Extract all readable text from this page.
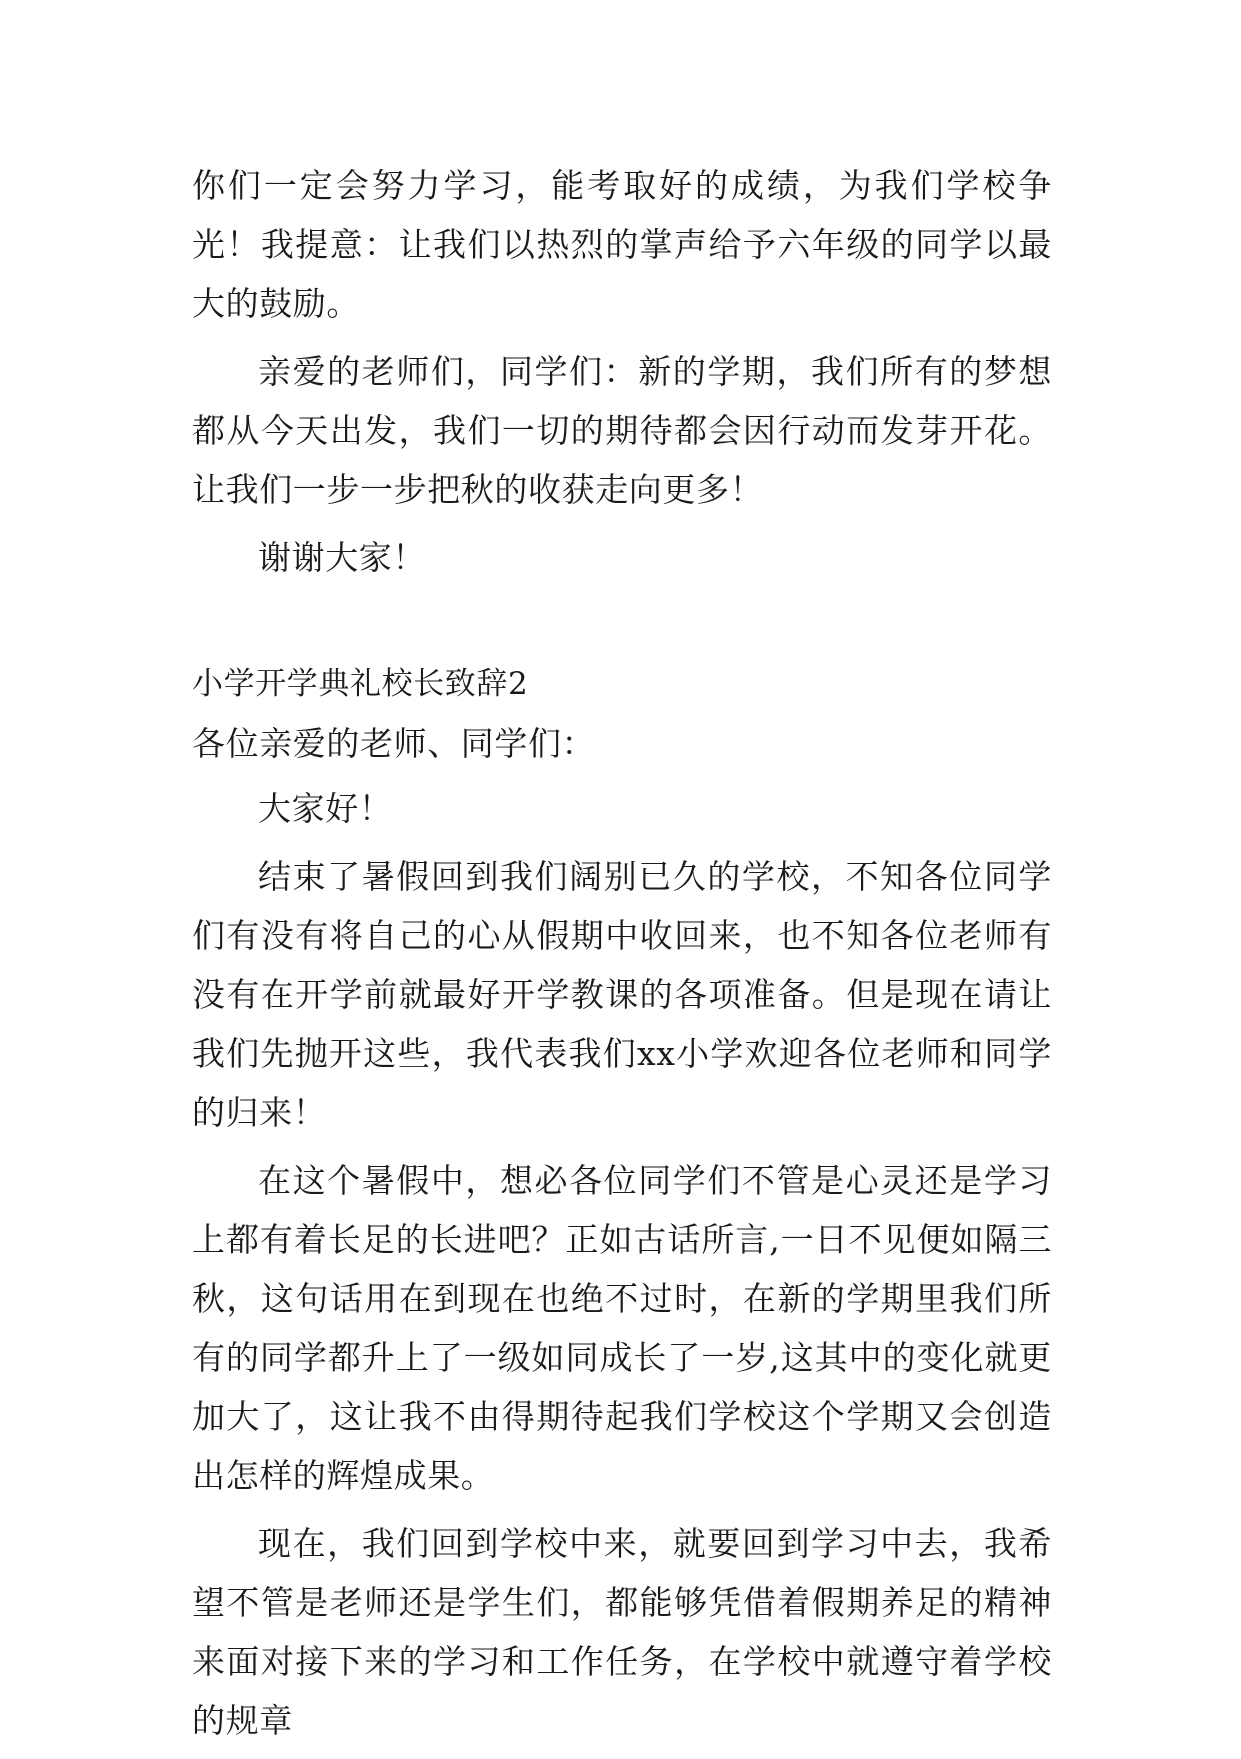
你们一定会努力学习，能考取好的成绩，为我们学校争光！我提意：让我们以热烈的掌声给予六年级的同学以最大的鼓励。

亲爱的老师们，同学们：新的学期，我们所有的梦想都从今天出发，我们一切的期待都会因行动而发芽开花。让我们一步一步把秋的收获走向更多！

谢谢大家！

小学开学典礼校长致辞2

各位亲爱的老师、同学们：

大家好！

结束了暑假回到我们阔别已久的学校，不知各位同学们有没有将自己的心从假期中收回来，也不知各位老师有没有在开学前就最好开学教课的各项准备。但是现在请让我们先抛开这些，我代表我们xx小学欢迎各位老师和同学的归来！

在这个暑假中，想必各位同学们不管是心灵还是学习上都有着长足的长进吧？正如古话所言,一日不见便如隔三秋，这句话用在到现在也绝不过时，在新的学期里我们所有的同学都升上了一级如同成长了一岁,这其中的变化就更加大了，这让我不由得期待起我们学校这个学期又会创造出怎样的辉煌成果。

现在，我们回到学校中来，就要回到学习中去，我希望不管是老师还是学生们，都能够凭借着假期养足的精神来面对接下来的学习和工作任务，在学校中就遵守着学校的规章
